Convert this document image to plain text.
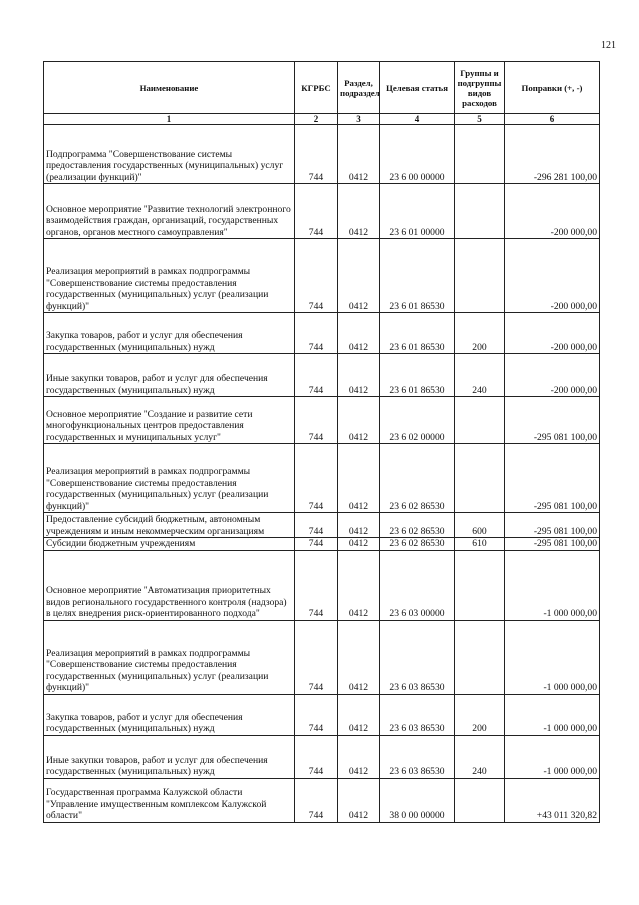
121
Наименование	КГРБС	Раздел, подраздел	Целевая статья	Группы и подгруппы видов расходов	Поправки (+, -)
1	2	3	4	5	6
Подпрограмма "Совершенствование системы предоставления государственных (муниципальных) услуг (реализации функций)"	744	0412	23 6 00 00000		-296 281 100,00
Основное мероприятие "Развитие технологий электронного взаимодействия граждан, организаций, государственных органов, органов местного самоуправления"	744	0412	23 6 01 00000		-200 000,00
Реализация мероприятий в рамках подпрограммы "Совершенствование системы предоставления государственных (муниципальных) услуг (реализации функций)"	744	0412	23 6 01 86530		-200 000,00
Закупка товаров, работ и услуг для обеспечения государственных (муниципальных) нужд	744	0412	23 6 01 86530	200	-200 000,00
Иные закупки товаров, работ и услуг для обеспечения государственных (муниципальных) нужд	744	0412	23 6 01 86530	240	-200 000,00
Основное мероприятие "Создание и развитие сети многофункциональных центров предоставления государственных и муниципальных услуг"	744	0412	23 6 02 00000		-295 081 100,00
Реализация мероприятий в рамках подпрограммы "Совершенствование системы предоставления государственных (муниципальных) услуг (реализации функций)"	744	0412	23 6 02 86530		-295 081 100,00
Предоставление субсидий бюджетным, автономным учреждениям и иным некоммерческим организациям	744	0412	23 6 02 86530	600	-295 081 100,00
Субсидии бюджетным учреждениям	744	0412	23 6 02 86530	610	-295 081 100,00
Основное мероприятие "Автоматизация приоритетных видов регионального государственного контроля (надзора) в целях внедрения риск-ориентированного подхода"	744	0412	23 6 03 00000		-1 000 000,00
Реализация мероприятий в рамках подпрограммы "Совершенствование системы предоставления государственных (муниципальных) услуг (реализации функций)"	744	0412	23 6 03 86530		-1 000 000,00
Закупка товаров, работ и услуг для обеспечения государственных (муниципальных) нужд	744	0412	23 6 03 86530	200	-1 000 000,00
Иные закупки товаров, работ и услуг для обеспечения государственных (муниципальных) нужд	744	0412	23 6 03 86530	240	-1 000 000,00
Государственная программа Калужской области "Управление имущественным комплексом Калужской области"	744	0412	38 0 00 00000		+43 011 320,82
